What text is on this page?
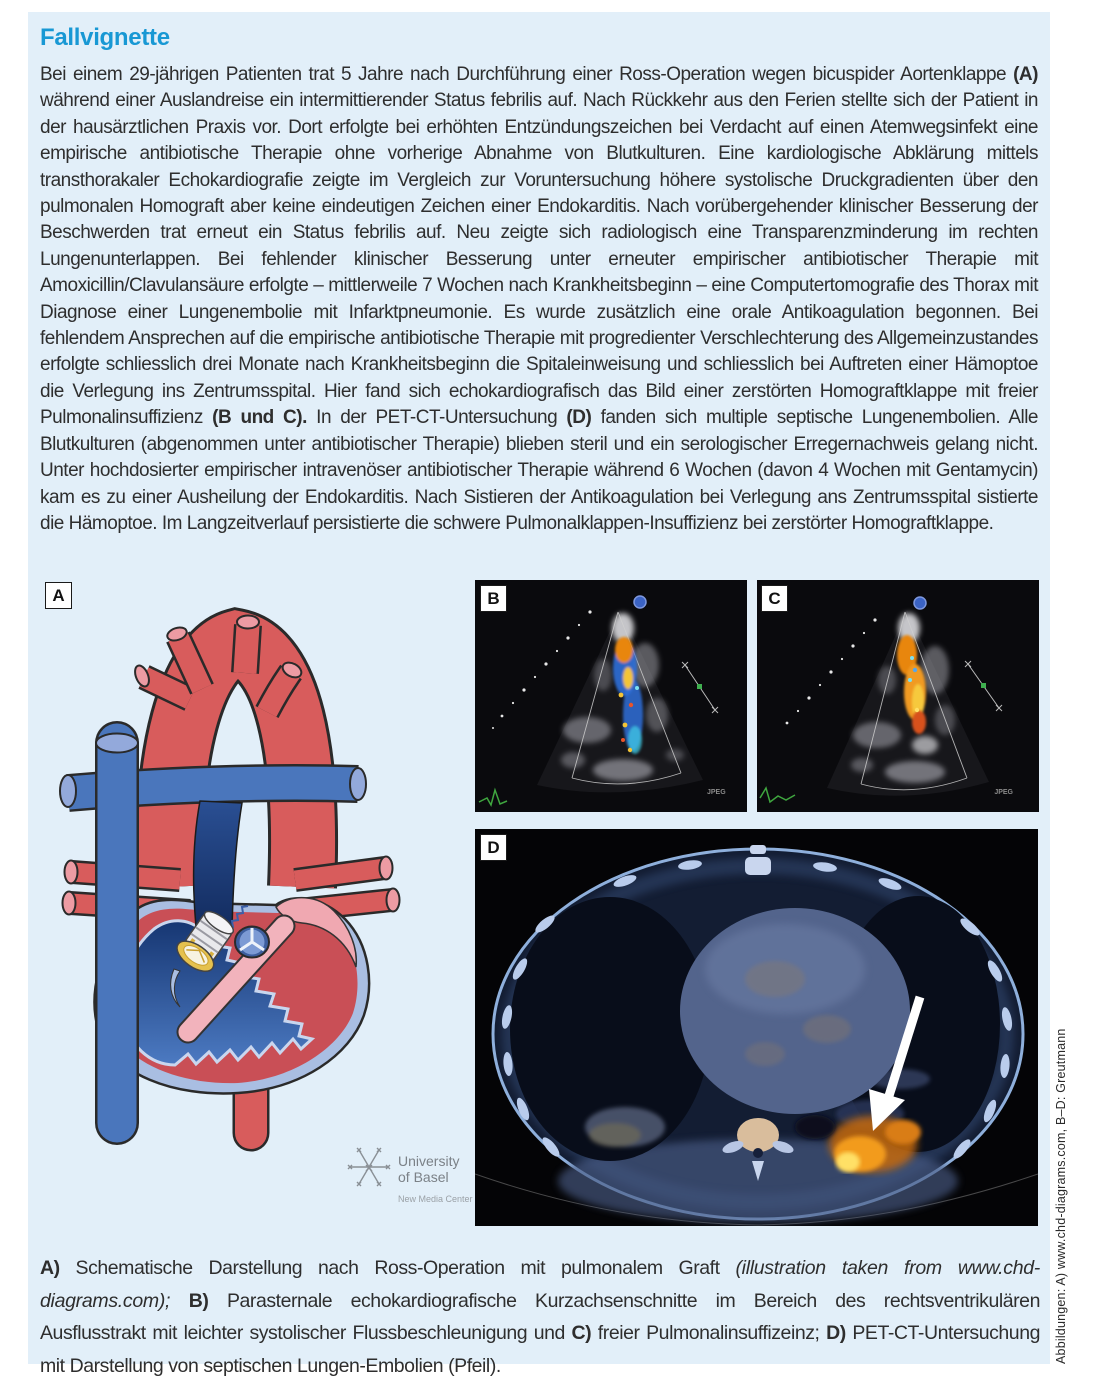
Fallvignette

Bei einem 29-jährigen Patienten trat 5 Jahre nach Durchführung einer Ross-Operation wegen bicuspider Aortenklappe (A) während einer Auslandreise ein intermittierender Status febrilis auf. Nach Rückkehr aus den Ferien stellte sich der Patient in der hausärztlichen Praxis vor. Dort erfolgte bei erhöhten Entzündungszeichen bei Verdacht auf einen Atemwegsinfekt eine empirische antibiotische Therapie ohne vorherige Abnahme von Blutkulturen. Eine kardiologische Abklärung mittels transthorakaler Echokardiografie zeigte im Vergleich zur Voruntersuchung höhere systolische Druckgradienten über den pulmonalen Homograft aber keine eindeutigen Zeichen einer Endokarditis. Nach vorübergehender klinischer Besserung der Beschwerden trat erneut ein Status febrilis auf. Neu zeigte sich radiologisch eine Transparenzminderung im rechten Lungenunterlappen. Bei fehlender klinischer Besserung unter erneuter empirischer antibiotischer Therapie mit Amoxicillin/Clavulansäure erfolgte – mittlerweile 7 Wochen nach Krankheitsbeginn – eine Computertomografie des Thorax mit Diagnose einer Lungenembolie mit Infarktpneumonie. Es wurde zusätzlich eine orale Antikoagulation begonnen. Bei fehlendem Ansprechen auf die empirische antibiotische Therapie mit progredienter Verschlechterung des Allgemeinzustandes erfolgte schliesslich drei Monate nach Krankheitsbeginn die Spitaleinweisung und schliesslich bei Auftreten einer Hämoptoe die Verlegung ins Zentrumsspital. Hier fand sich echokardiografisch das Bild einer zerstörten Homograftklappe mit freier Pulmonalinsuffizienz (B und C). In der PET-CT-Untersuchung (D) fanden sich multiple septische Lungenembolien. Alle Blutkulturen (abgenommen unter antibiotischer Therapie) blieben steril und ein serologischer Erregernachweis gelang nicht. Unter hochdosierter empirischer intravenöser antibiotischer Therapie während 6 Wochen (davon 4 Wochen mit Gentamycin) kam es zu einer Ausheilung der Endokarditis. Nach Sistieren der Antikoagulation bei Verlegung ans Zentrumsspital sistierte die Hämoptoe. Im Langzeitverlauf persistierte die schwere Pulmonalklappen-Insuffizienz bei zerstörter Homograftklappe.

A
University
of Basel
New Media Center
B
JPEG
C
JPEG
D

A) Schematische Darstellung nach Ross-Operation mit pulmonalem Graft (illustration taken from www.chd-diagrams.com); B) Parasternale echokardiografische Kurzachsenschnitte im Bereich des rechtsventrikulären Ausflusstrakt mit leichter systolischer Flussbeschleunigung und C) freier Pulmonalinsuffizeinz; D) PET-CT-Untersuchung mit Darstellung von septischen Lungen-Embolien (Pfeil).

Abbildungen: A) www.chd-diagrams.com, B–D: Greutmann
